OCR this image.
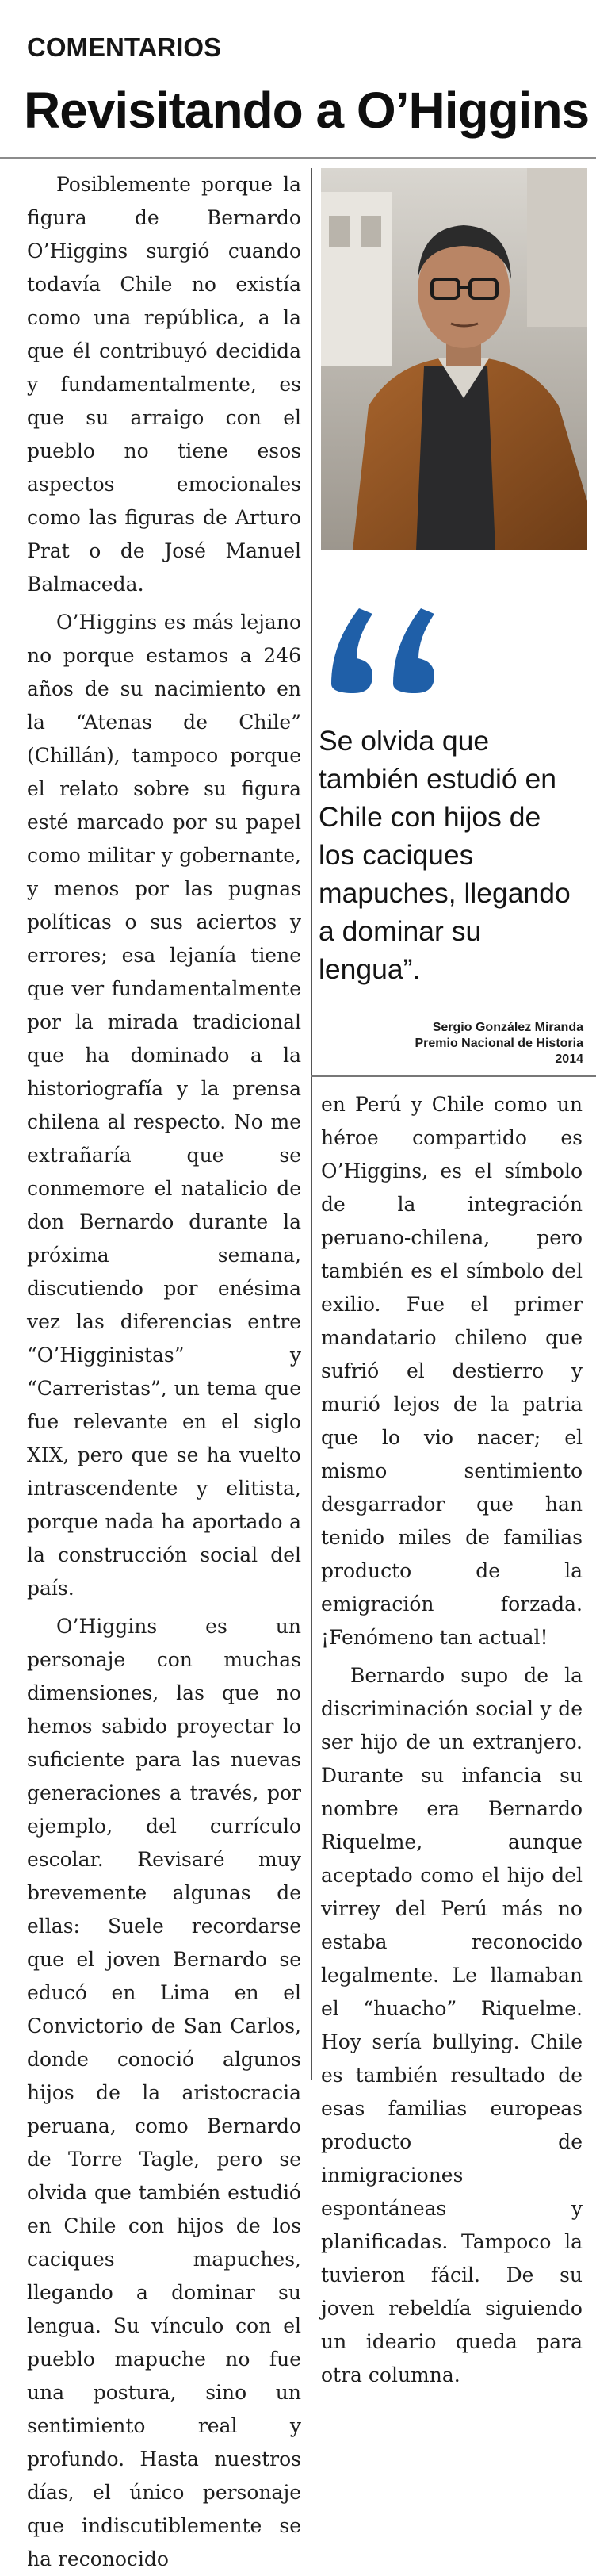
COMENTARIOS
Revisitando a O’Higgins

Posiblemente porque la figura de Bernardo O’Higgins surgió cuando todavía Chile no existía como una república, a la que él contribuyó decidida y fundamentalmente, es que su arraigo con el pueblo no tiene esos aspectos emocionales como las figuras de Arturo Prat o de José Manuel Balmaceda.

O’Higgins es más lejano no porque estamos a 246 años de su nacimiento en la “Atenas de Chile” (Chillán), tampoco porque el relato sobre su figura esté marcado por su papel como militar y gobernante, y menos por las pugnas políticas o sus aciertos y errores; esa lejanía tiene que ver fundamentalmente por la mirada tradicional que ha dominado a la historiografía y la prensa chilena al respecto. No me extrañaría que se conmemore el natalicio de don Bernardo durante la próxima semana, discutiendo por enésima vez las diferencias entre “O’Higginistas” y “Carreristas”, un tema que fue relevante en el siglo XIX, pero que se ha vuelto intrascendente y elitista, porque nada ha aportado a la construcción social del país.

O’Higgins es un personaje con muchas dimensiones, las que no hemos sabido proyectar lo suficiente para las nuevas generaciones a través, por ejemplo, del currículo escolar. Revisaré muy brevemente algunas de ellas: Suele recordarse que el joven Bernardo se educó en Lima en el Convictorio de San Carlos, donde conoció algunos hijos de la aristocracia peruana, como Bernardo de Torre Tagle, pero se olvida que también estudió en Chile con hijos de los caciques mapuches, llegando a dominar su lengua. Su vínculo con el pueblo mapuche no fue una postura, sino un sentimiento real y profundo. Hasta nuestros días, el único personaje que indiscutiblemente se ha reconocido

Se olvida que también estudió en Chile con hijos de los caciques mapuches, llegando a dominar su lengua”.
Sergio González Miranda
Premio Nacional de Historia
2014

en Perú y Chile como un héroe compartido es O’Higgins, es el símbolo de la integración peruano-chilena, pero también es el símbolo del exilio. Fue el primer mandatario chileno que sufrió el destierro y murió lejos de la patria que lo vio nacer; el mismo sentimiento desgarrador que han tenido miles de familias producto de la emigración forzada. ¡Fenómeno tan actual!

Bernardo supo de la discriminación social y de ser hijo de un extranjero. Durante su infancia su nombre era Bernardo Riquelme, aunque aceptado como el hijo del virrey del Perú más no estaba reconocido legalmente. Le llamaban el “huacho” Riquelme. Hoy sería bullying. Chile es también resultado de esas familias europeas producto de inmigraciones espontáneas y planificadas. Tampoco la tuvieron fácil. De su joven rebeldía siguiendo un ideario queda para otra columna.
